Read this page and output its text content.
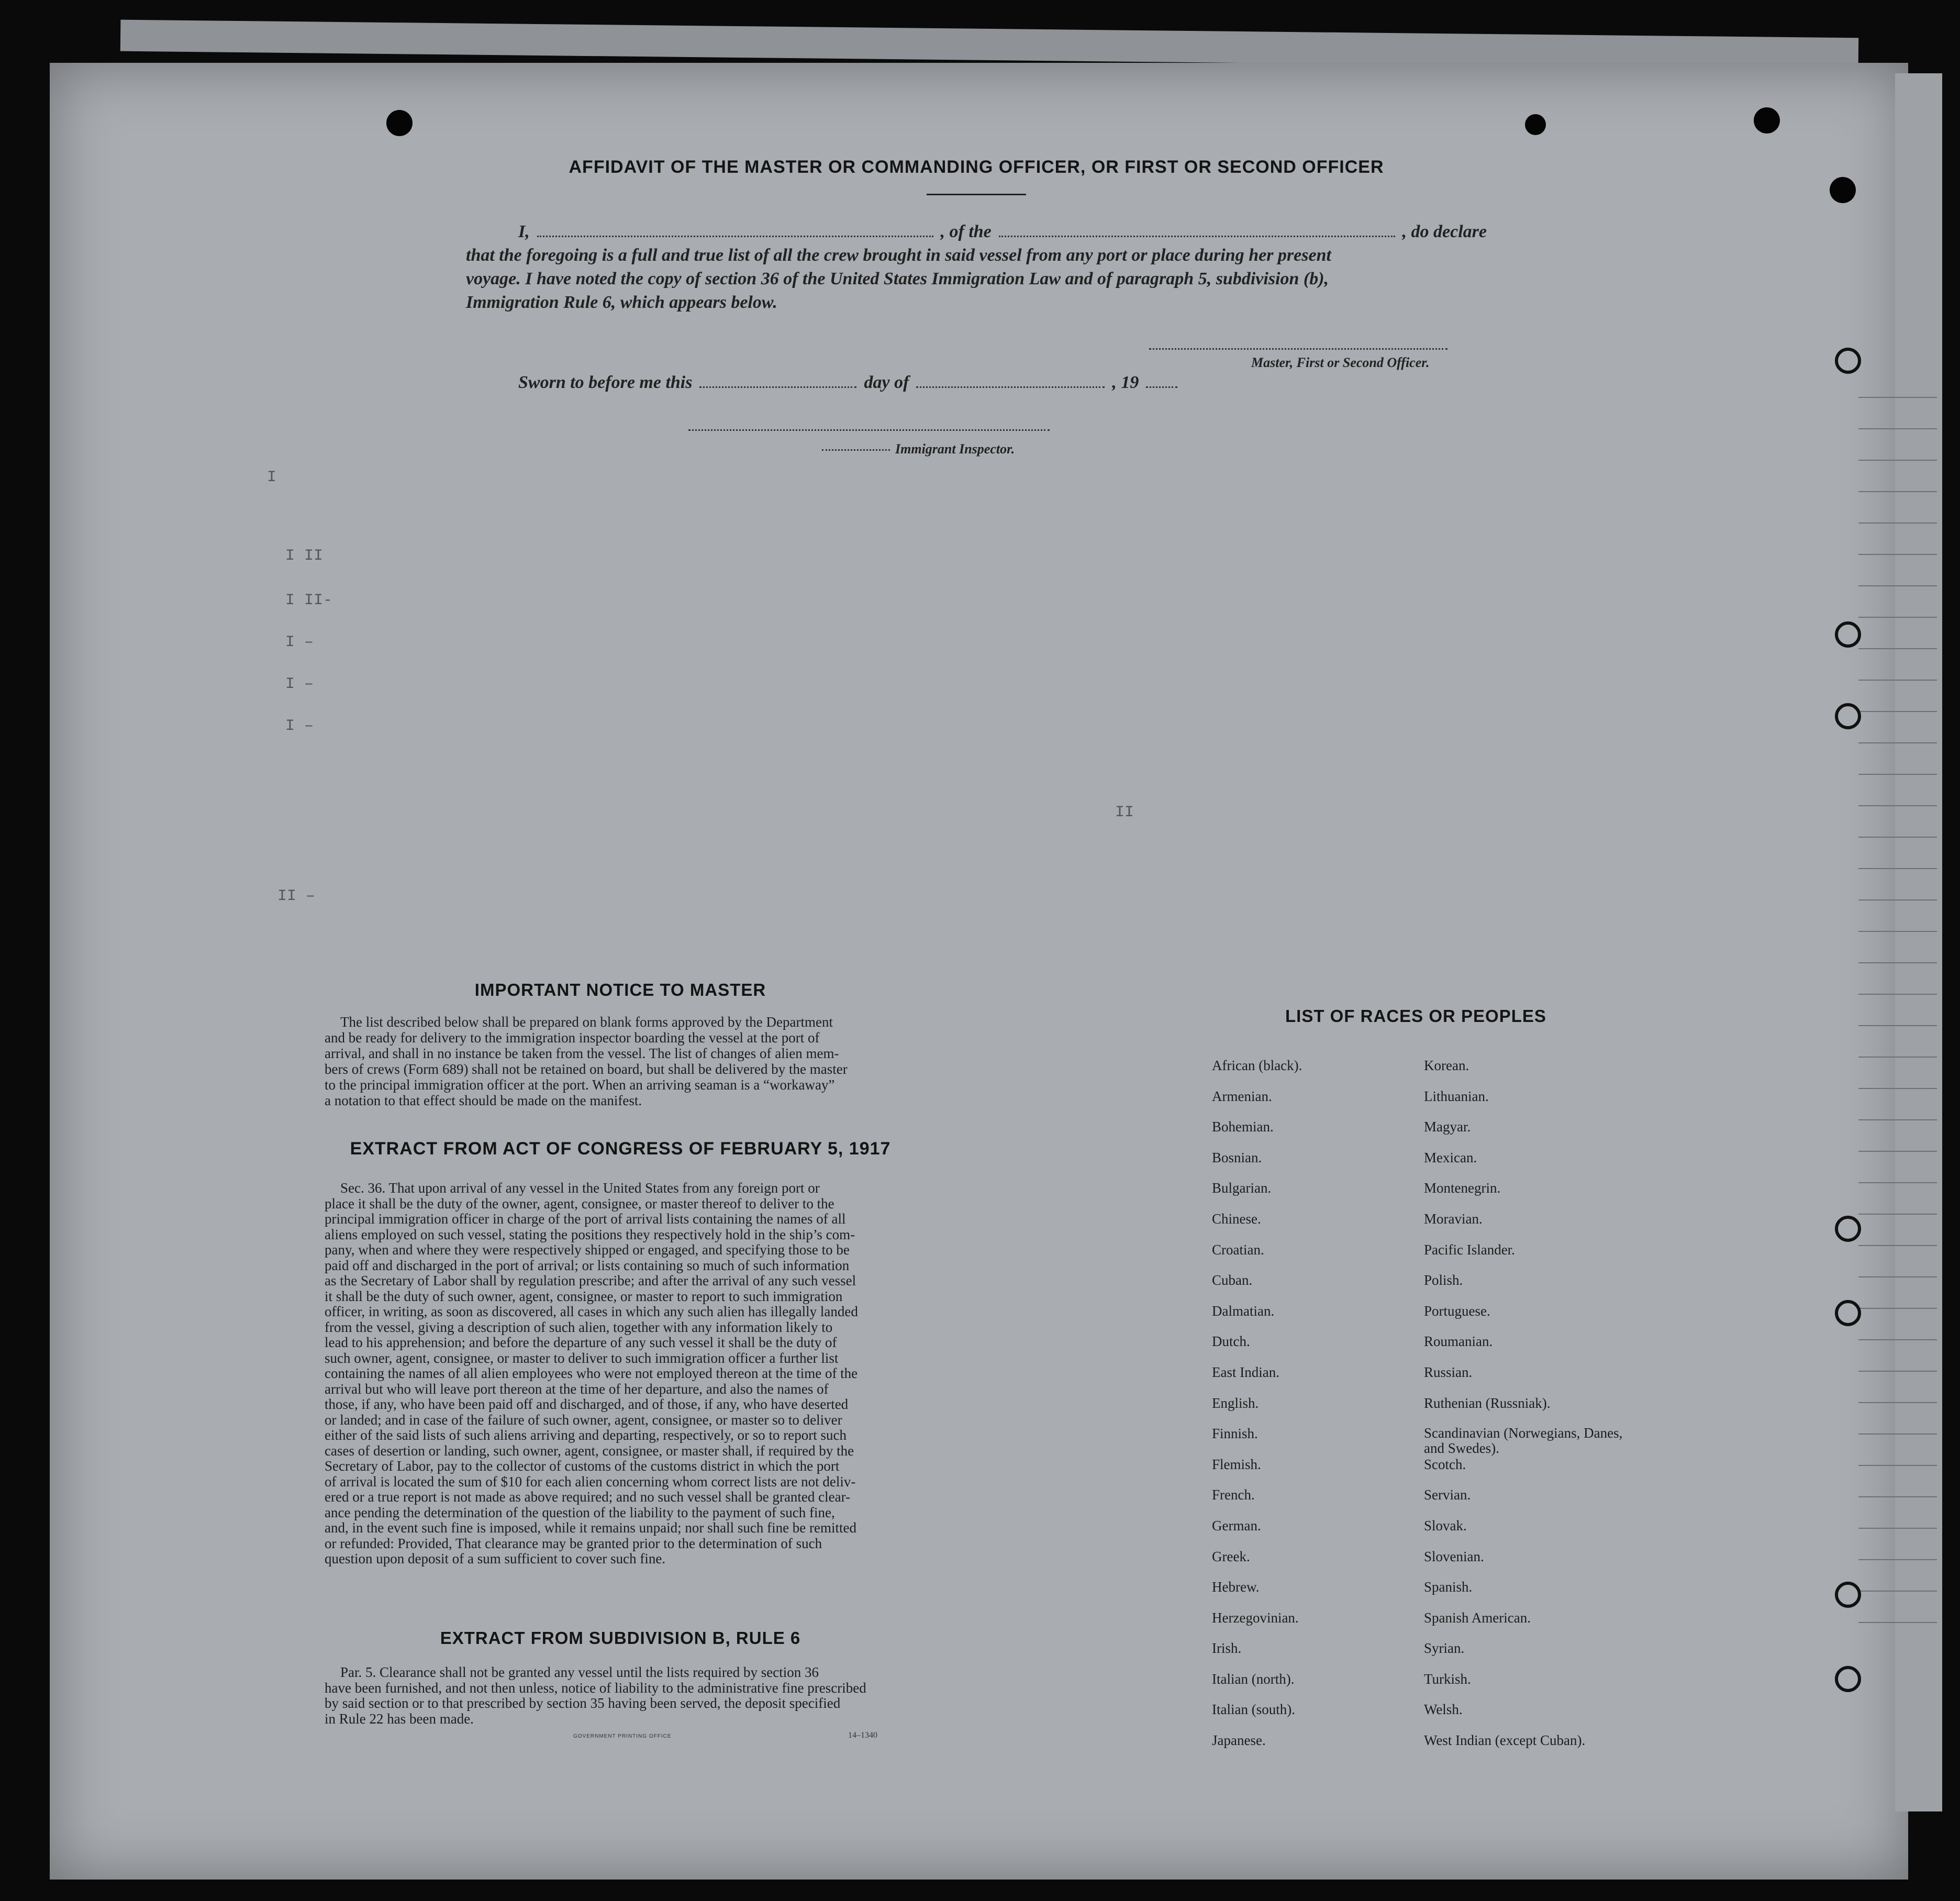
AFFIDAVIT OF THE MASTER OR COMMANDING OFFICER, OR FIRST OR SECOND OFFICER
I,	, of the	, do declare
that the foregoing is a full and true list of all the crew brought in said vessel from any port or place during her present
voyage. I have noted the copy of section 36 of the United States Immigration Law and of paragraph 5, subdivision (b),
Immigration Rule 6, which appears below.
Master, First or Second Officer.
Sworn to before me this	day of	, 19
Immigrant Inspector.
I
I II
I II-
I –
I –
I –
II –
II
IMPORTANT NOTICE TO MASTER
The list described below shall be prepared on blank forms approved by the Department
and be ready for delivery to the immigration inspector boarding the vessel at the port of
arrival, and shall in no instance be taken from the vessel. The list of changes of alien mem-
bers of crews (Form 689) shall not be retained on board, but shall be delivered by the master
to the principal immigration officer at the port. When an arriving seaman is a “workaway”
a notation to that effect should be made on the manifest.
EXTRACT FROM ACT OF CONGRESS OF FEBRUARY 5, 1917
Sec. 36. That upon arrival of any vessel in the United States from any foreign port or
place it shall be the duty of the owner, agent, consignee, or master thereof to deliver to the
principal immigration officer in charge of the port of arrival lists containing the names of all
aliens employed on such vessel, stating the positions they respectively hold in the ship’s com-
pany, when and where they were respectively shipped or engaged, and specifying those to be
paid off and discharged in the port of arrival; or lists containing so much of such information
as the Secretary of Labor shall by regulation prescribe; and after the arrival of any such vessel
it shall be the duty of such owner, agent, consignee, or master to report to such immigration
officer, in writing, as soon as discovered, all cases in which any such alien has illegally landed
from the vessel, giving a description of such alien, together with any information likely to
lead to his apprehension; and before the departure of any such vessel it shall be the duty of
such owner, agent, consignee, or master to deliver to such immigration officer a further list
containing the names of all alien employees who were not employed thereon at the time of the
arrival but who will leave port thereon at the time of her departure, and also the names of
those, if any, who have been paid off and discharged, and of those, if any, who have deserted
or landed; and in case of the failure of such owner, agent, consignee, or master so to deliver
either of the said lists of such aliens arriving and departing, respectively, or so to report such
cases of desertion or landing, such owner, agent, consignee, or master shall, if required by the
Secretary of Labor, pay to the collector of customs of the customs district in which the port
of arrival is located the sum of $10 for each alien concerning whom correct lists are not deliv-
ered or a true report is not made as above required; and no such vessel shall be granted clear-
ance pending the determination of the question of the liability to the payment of such fine,
and, in the event such fine is imposed, while it remains unpaid; nor shall such fine be remitted
or refunded: Provided, That clearance may be granted prior to the determination of such
question upon deposit of a sum sufficient to cover such fine.
EXTRACT FROM SUBDIVISION B, RULE 6
Par. 5. Clearance shall not be granted any vessel until the lists required by section 36
have been furnished, and not then unless, notice of liability to the administrative fine prescribed
by said section or to that prescribed by section 35 having been served, the deposit specified
in Rule 22 has been made.
GOVERNMENT PRINTING OFFICE	14–1340
LIST OF RACES OR PEOPLES
African (black).
Armenian.
Bohemian.
Bosnian.
Bulgarian.
Chinese.
Croatian.
Cuban.
Dalmatian.
Dutch.
East Indian.
English.
Finnish.
Flemish.
French.
German.
Greek.
Hebrew.
Herzegovinian.
Irish.
Italian (north).
Italian (south).
Japanese.
Korean.
Lithuanian.
Magyar.
Mexican.
Montenegrin.
Moravian.
Pacific Islander.
Polish.
Portuguese.
Roumanian.
Russian.
Ruthenian (Russniak).
Scandinavian (Norwegians, Danes, and Swedes).
Scotch.
Servian.
Slovak.
Slovenian.
Spanish.
Spanish American.
Syrian.
Turkish.
Welsh.
West Indian (except Cuban).
